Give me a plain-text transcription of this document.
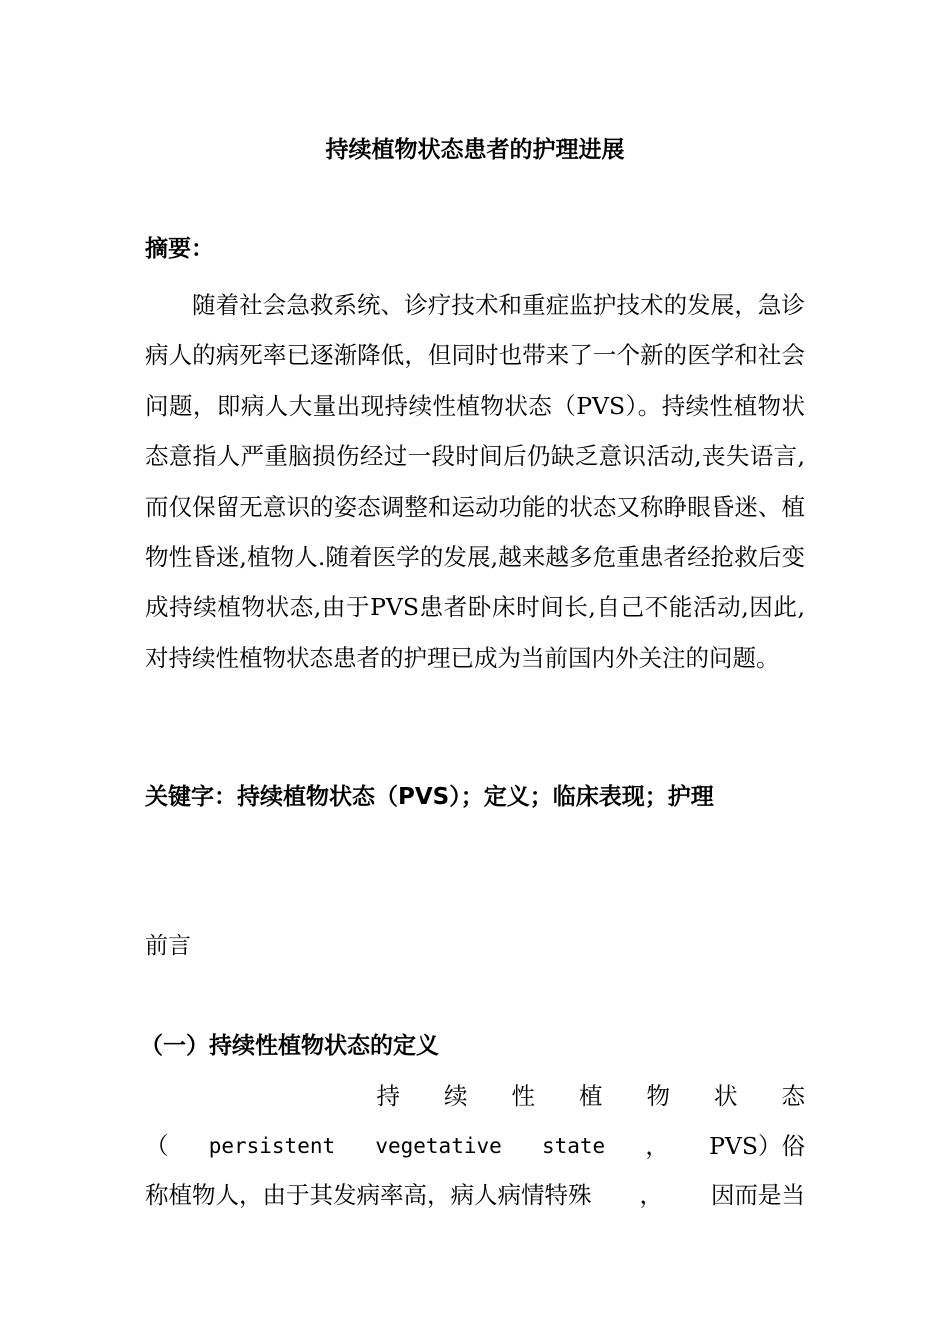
持续植物状态患者的护理进展
摘要：

随着社会急救系统、诊疗技术和重症监护技术的发展，急诊病人的病死率已逐渐降低，但同时也带来了一个新的医学和社会问题，即病人大量出现持续性植物状态（PVS）。持续性植物状态意指人严重脑损伤经过一段时间后仍缺乏意识活动,丧失语言,而仅保留无意识的姿态调整和运动功能的状态又称睁眼昏迷、植物性昏迷,植物人.随着医学的发展,越来越多危重患者经抢救后变成持续植物状态,由于PVS患者卧床时间长,自己不能活动,因此,对持续性植物状态患者的护理已成为当前国内外关注的问题。

关键字：持续植物状态（PVS）；定义；临床表现；护理
前言
（一）持续性植物状态的定义
持续性植物状态
（ persistent vegetative state ， PVS）俗
称植物人，由于其发病率高，病人病情特殊 ， 因而是当
